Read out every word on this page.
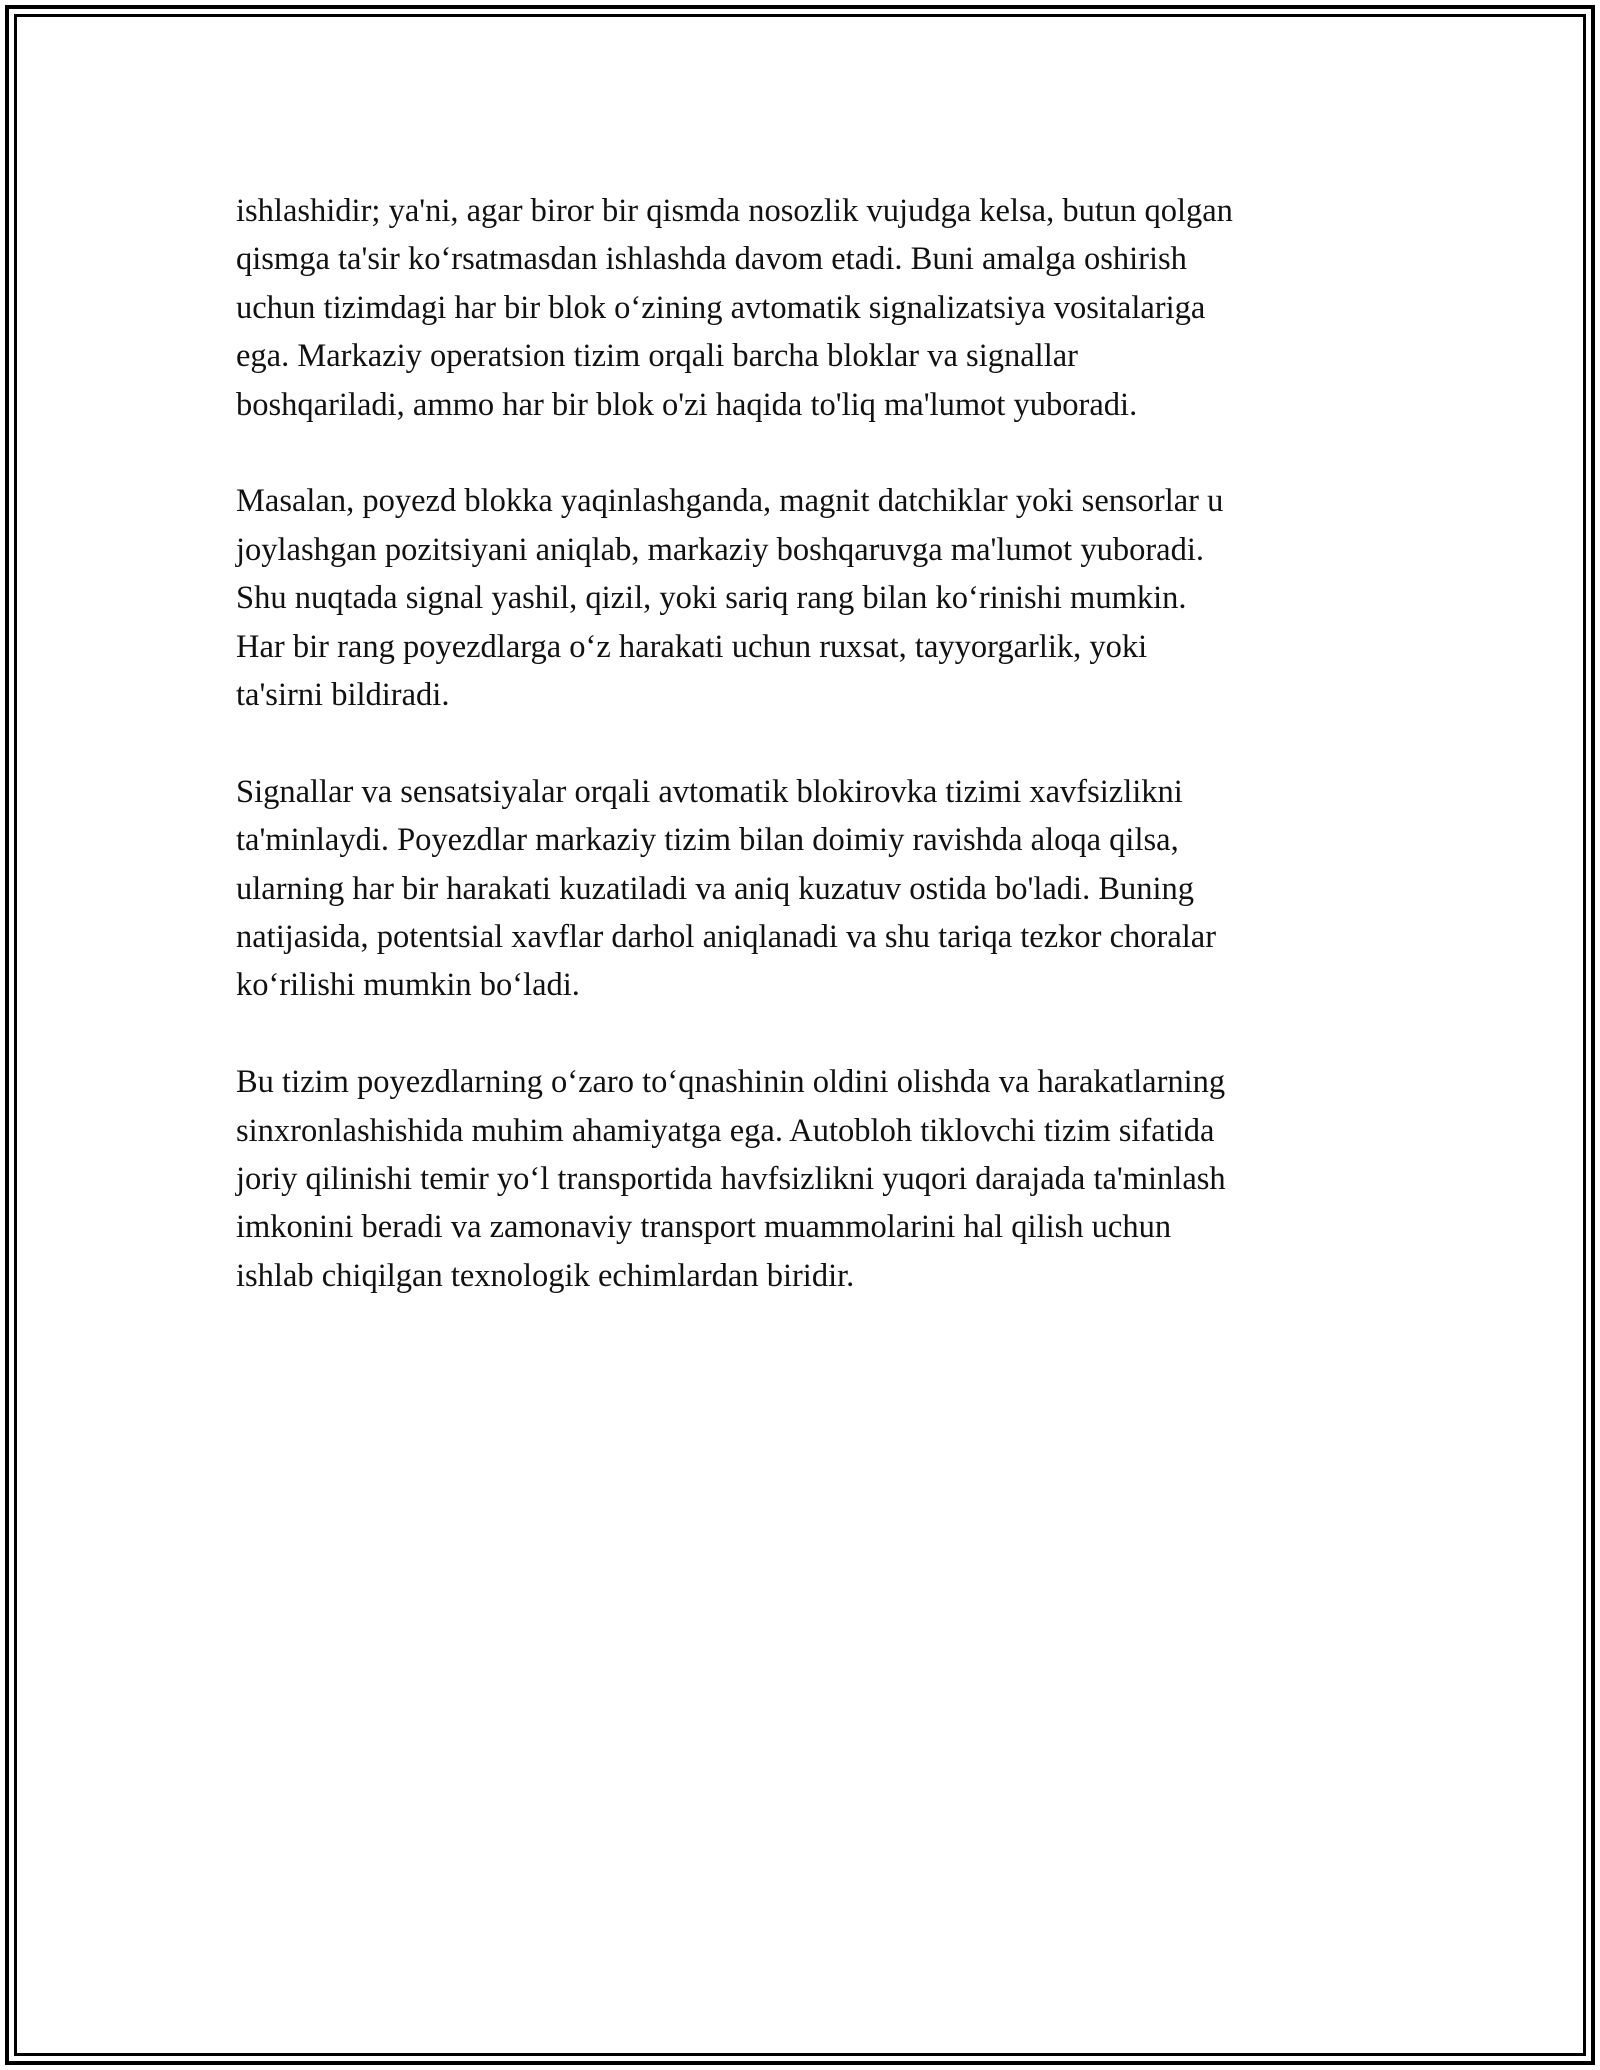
ishlashidir; ya'ni, agar biror bir qismda nosozlik vujudga kelsa, butun qolgan
qismga ta'sir ko‘rsatmasdan ishlashda davom etadi. Buni amalga oshirish
uchun tizimdagi har bir blok o‘zining avtomatik signalizatsiya vositalariga
ega. Markaziy operatsion tizim orqali barcha bloklar va signallar
boshqariladi, ammo har bir blok o'zi haqida to'liq ma'lumot yuboradi.

Masalan, poyezd blokka yaqinlashganda, magnit datchiklar yoki sensorlar u
joylashgan pozitsiyani aniqlab, markaziy boshqaruvga ma'lumot yuboradi.
Shu nuqtada signal yashil, qizil, yoki sariq rang bilan ko‘rinishi mumkin.
Har bir rang poyezdlarga o‘z harakati uchun ruxsat, tayyorgarlik, yoki
ta'sirni bildiradi.

Signallar va sensatsiyalar orqali avtomatik blokirovka tizimi xavfsizlikni
ta'minlaydi. Poyezdlar markaziy tizim bilan doimiy ravishda aloqa qilsa,
ularning har bir harakati kuzatiladi va aniq kuzatuv ostida bo'ladi. Buning
natijasida, potentsial xavflar darhol aniqlanadi va shu tariqa tezkor choralar
ko‘rilishi mumkin bo‘ladi.

Bu tizim poyezdlarning o‘zaro to‘qnashinin oldini olishda va harakatlarning
sinxronlashishida muhim ahamiyatga ega. Autobloh tiklovchi tizim sifatida
joriy qilinishi temir yo‘l transportida havfsizlikni yuqori darajada ta'minlash
imkonini beradi va zamonaviy transport muammolarini hal qilish uchun
ishlab chiqilgan texnologik echimlardan biridir.
